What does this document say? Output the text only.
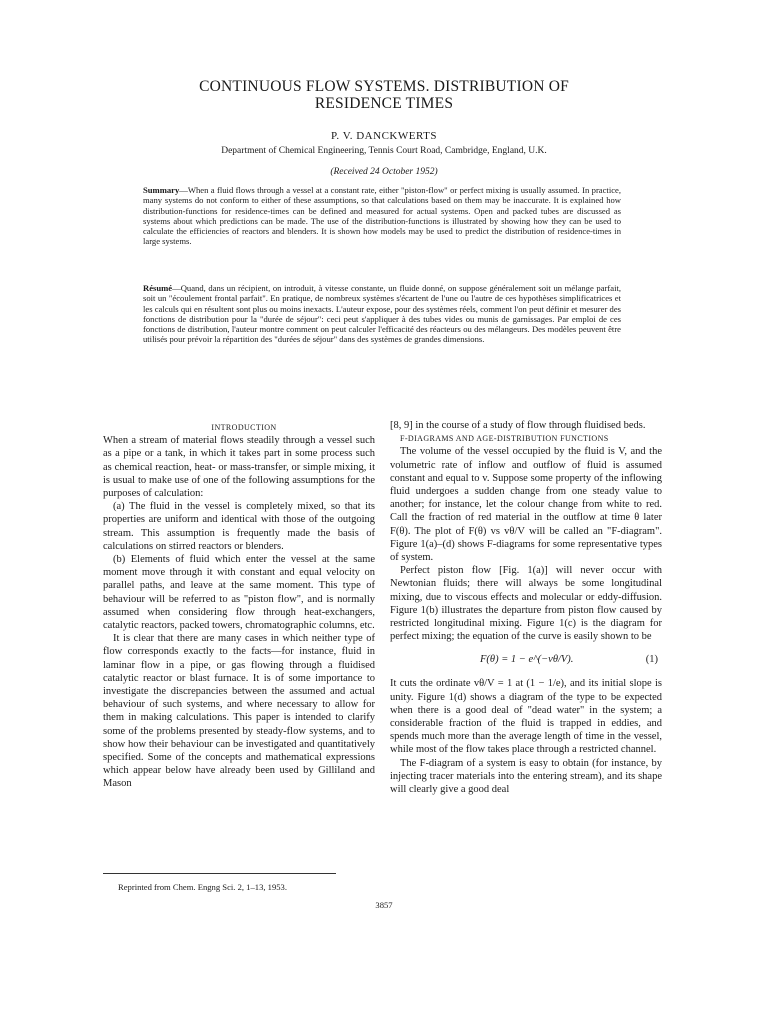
CONTINUOUS FLOW SYSTEMS. DISTRIBUTION OF
RESIDENCE TIMES
P. V. DANCKWERTS
Department of Chemical Engineering, Tennis Court Road, Cambridge, England, U.K.
(Received 24 October 1952)
Summary—When a fluid flows through a vessel at a constant rate, either "piston-flow" or perfect mixing is usually assumed. In practice, many systems do not conform to either of these assumptions, so that calculations based on them may be inaccurate. It is explained how distribution-functions for residence-times can be defined and measured for actual systems. Open and packed tubes are discussed as systems about which predictions can be made. The use of the distribution-functions is illustrated by showing how they can be used to calculate the efficiencies of reactors and blenders. It is shown how models may be used to predict the distribution of residence-times in large systems.
Résumé—Quand, dans un récipient, on introduit, à vitesse constante, un fluide donné, on suppose généralement soit un mélange parfait, soit un "écoulement frontal parfait". En pratique, de nombreux systèmes s'écartent de l'une ou l'autre de ces hypothèses simplificatrices et les calculs qui en résultent sont plus ou moins inexacts. L'auteur expose, pour des systèmes réels, comment l'on peut définir et mesurer des fonctions de distribution pour la "durée de séjour": ceci peut s'appliquer à des tubes vides ou munis de garnissages. Par emploi de ces fonctions de distribution, l'auteur montre comment on peut calculer l'efficacité des réacteurs ou des mélangeurs. Des modèles peuvent être utilisés pour prévoir la répartition des "durées de séjour" dans des systèmes de grandes dimensions.

INTRODUCTION

When a stream of material flows steadily through a vessel such as a pipe or a tank, in which it takes part in some process such as chemical reaction, heat- or mass-transfer, or simple mixing, it is usual to make use of one of the following assumptions for the purposes of calculation:

(a) The fluid in the vessel is completely mixed, so that its properties are uniform and identical with those of the outgoing stream. This assumption is frequently made the basis of calculations on stirred reactors or blenders.

(b) Elements of fluid which enter the vessel at the same moment move through it with constant and equal velocity on parallel paths, and leave at the same moment. This type of behaviour will be referred to as "piston flow", and is normally assumed when considering flow through heat-exchangers, catalytic reactors, packed towers, chromatographic columns, etc.

It is clear that there are many cases in which neither type of flow corresponds exactly to the facts—for instance, fluid in laminar flow in a pipe, or gas flowing through a fluidised catalytic reactor or blast furnace. It is of some importance to investigate the discrepancies between the assumed and actual behaviour of such systems, and where necessary to allow for them in making calculations. This paper is intended to clarify some of the problems presented by steady-flow systems, and to show how their behaviour can be investigated and quantitatively specified. Some of the concepts and mathematical expressions which appear below have already been used by Gilliland and Mason

[8, 9] in the course of a study of flow through fluidised beds.

F-DIAGRAMS AND AGE-DISTRIBUTION FUNCTIONS

The volume of the vessel occupied by the fluid is V, and the volumetric rate of inflow and outflow of fluid is assumed constant and equal to v. Suppose some property of the inflowing fluid undergoes a sudden change from one steady value to another; for instance, let the colour change from white to red. Call the fraction of red material in the outflow at time θ later F(θ). The plot of F(θ) vs vθ/V will be called an "F-diagram". Figure 1(a)–(d) shows F-diagrams for some representative types of system.

Perfect piston flow [Fig. 1(a)] will never occur with Newtonian fluids; there will always be some longitudinal mixing, due to viscous effects and molecular or eddy-diffusion. Figure 1(b) illustrates the departure from piston flow caused by restricted longitudinal mixing. Figure 1(c) is the diagram for perfect mixing; the equation of the curve is easily shown to be

F(θ) = 1 − e^(−vθ/V).	(1)

It cuts the ordinate vθ/V = 1 at (1 − 1/e), and its initial slope is unity. Figure 1(d) shows a diagram of the type to be expected when there is a good deal of "dead water" in the system; a considerable fraction of the fluid is trapped in eddies, and spends much more than the average length of time in the vessel, while most of the flow takes place through a restricted channel.

The F-diagram of a system is easy to obtain (for instance, by injecting tracer materials into the entering stream), and its shape will clearly give a good deal

Reprinted from Chem. Engng Sci. 2, 1–13, 1953.
3857
